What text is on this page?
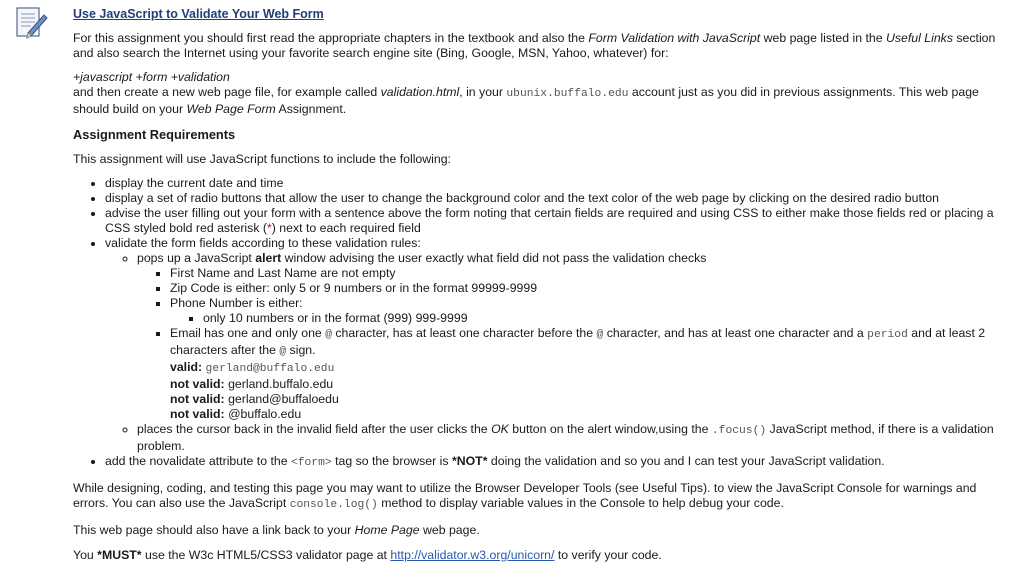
Use JavaScript to Validate Your Web Form

For this assignment you should first read the appropriate chapters in the textbook and also the Form Validation with JavaScript web page listed in the Useful Links section and also search the Internet using your favorite search engine site (Bing, Google, MSN, Yahoo, whatever) for:

+javascript +form +validation

and then create a new web page file, for example called validation.html, in your ubunix.buffalo.edu account just as you did in previous assignments. This web page should build on your Web Page Form Assignment.

Assignment Requirements

This assignment will use JavaScript functions to include the following:

• display the current date and time
• display a set of radio buttons that allow the user to change the background color and the text color of the web page by clicking on the desired radio button
• advise the user filling out your form with a sentence above the form noting that certain fields are required and using CSS to either make those fields red or placing a CSS styled bold red asterisk (*) next to each required field
• validate the form fields according to these validation rules:
◦ pops up a JavaScript alert window advising the user exactly what field did not pass the validation checks
▪ First Name and Last Name are not empty
▪ Zip Code is either: only 5 or 9 numbers or in the format 99999-9999
▪ Phone Number is either:
▪ only 10 numbers or in the format (999) 999-9999
▪ Email has one and only one @ character, has at least one character before the @ character, and has at least one character and a period and at least 2 characters after the @ sign.

valid: gerland@buffalo.edu

not valid: gerland.buffalo.edu

not valid: gerland@buffaloedu

not valid: @buffalo.edu

◦ places the cursor back in the invalid field after the user clicks the OK button on the alert window,using the .focus() JavaScript method, if there is a validation problem.
• add the novalidate attribute to the <form> tag so the browser is *NOT* doing the validation and so you and I can test your JavaScript validation.

While designing, coding, and testing this page you may want to utilize the Browser Developer Tools (see Useful Tips). to view the JavaScript Console for warnings and errors. You can also use the JavaScript console.log() method to display variable values in the Console to help debug your code.

This web page should also have a link back to your Home Page web page.

You *MUST* use the W3c HTML5/CSS3 validator page at http://validator.w3.org/unicorn/ to verify your code.
